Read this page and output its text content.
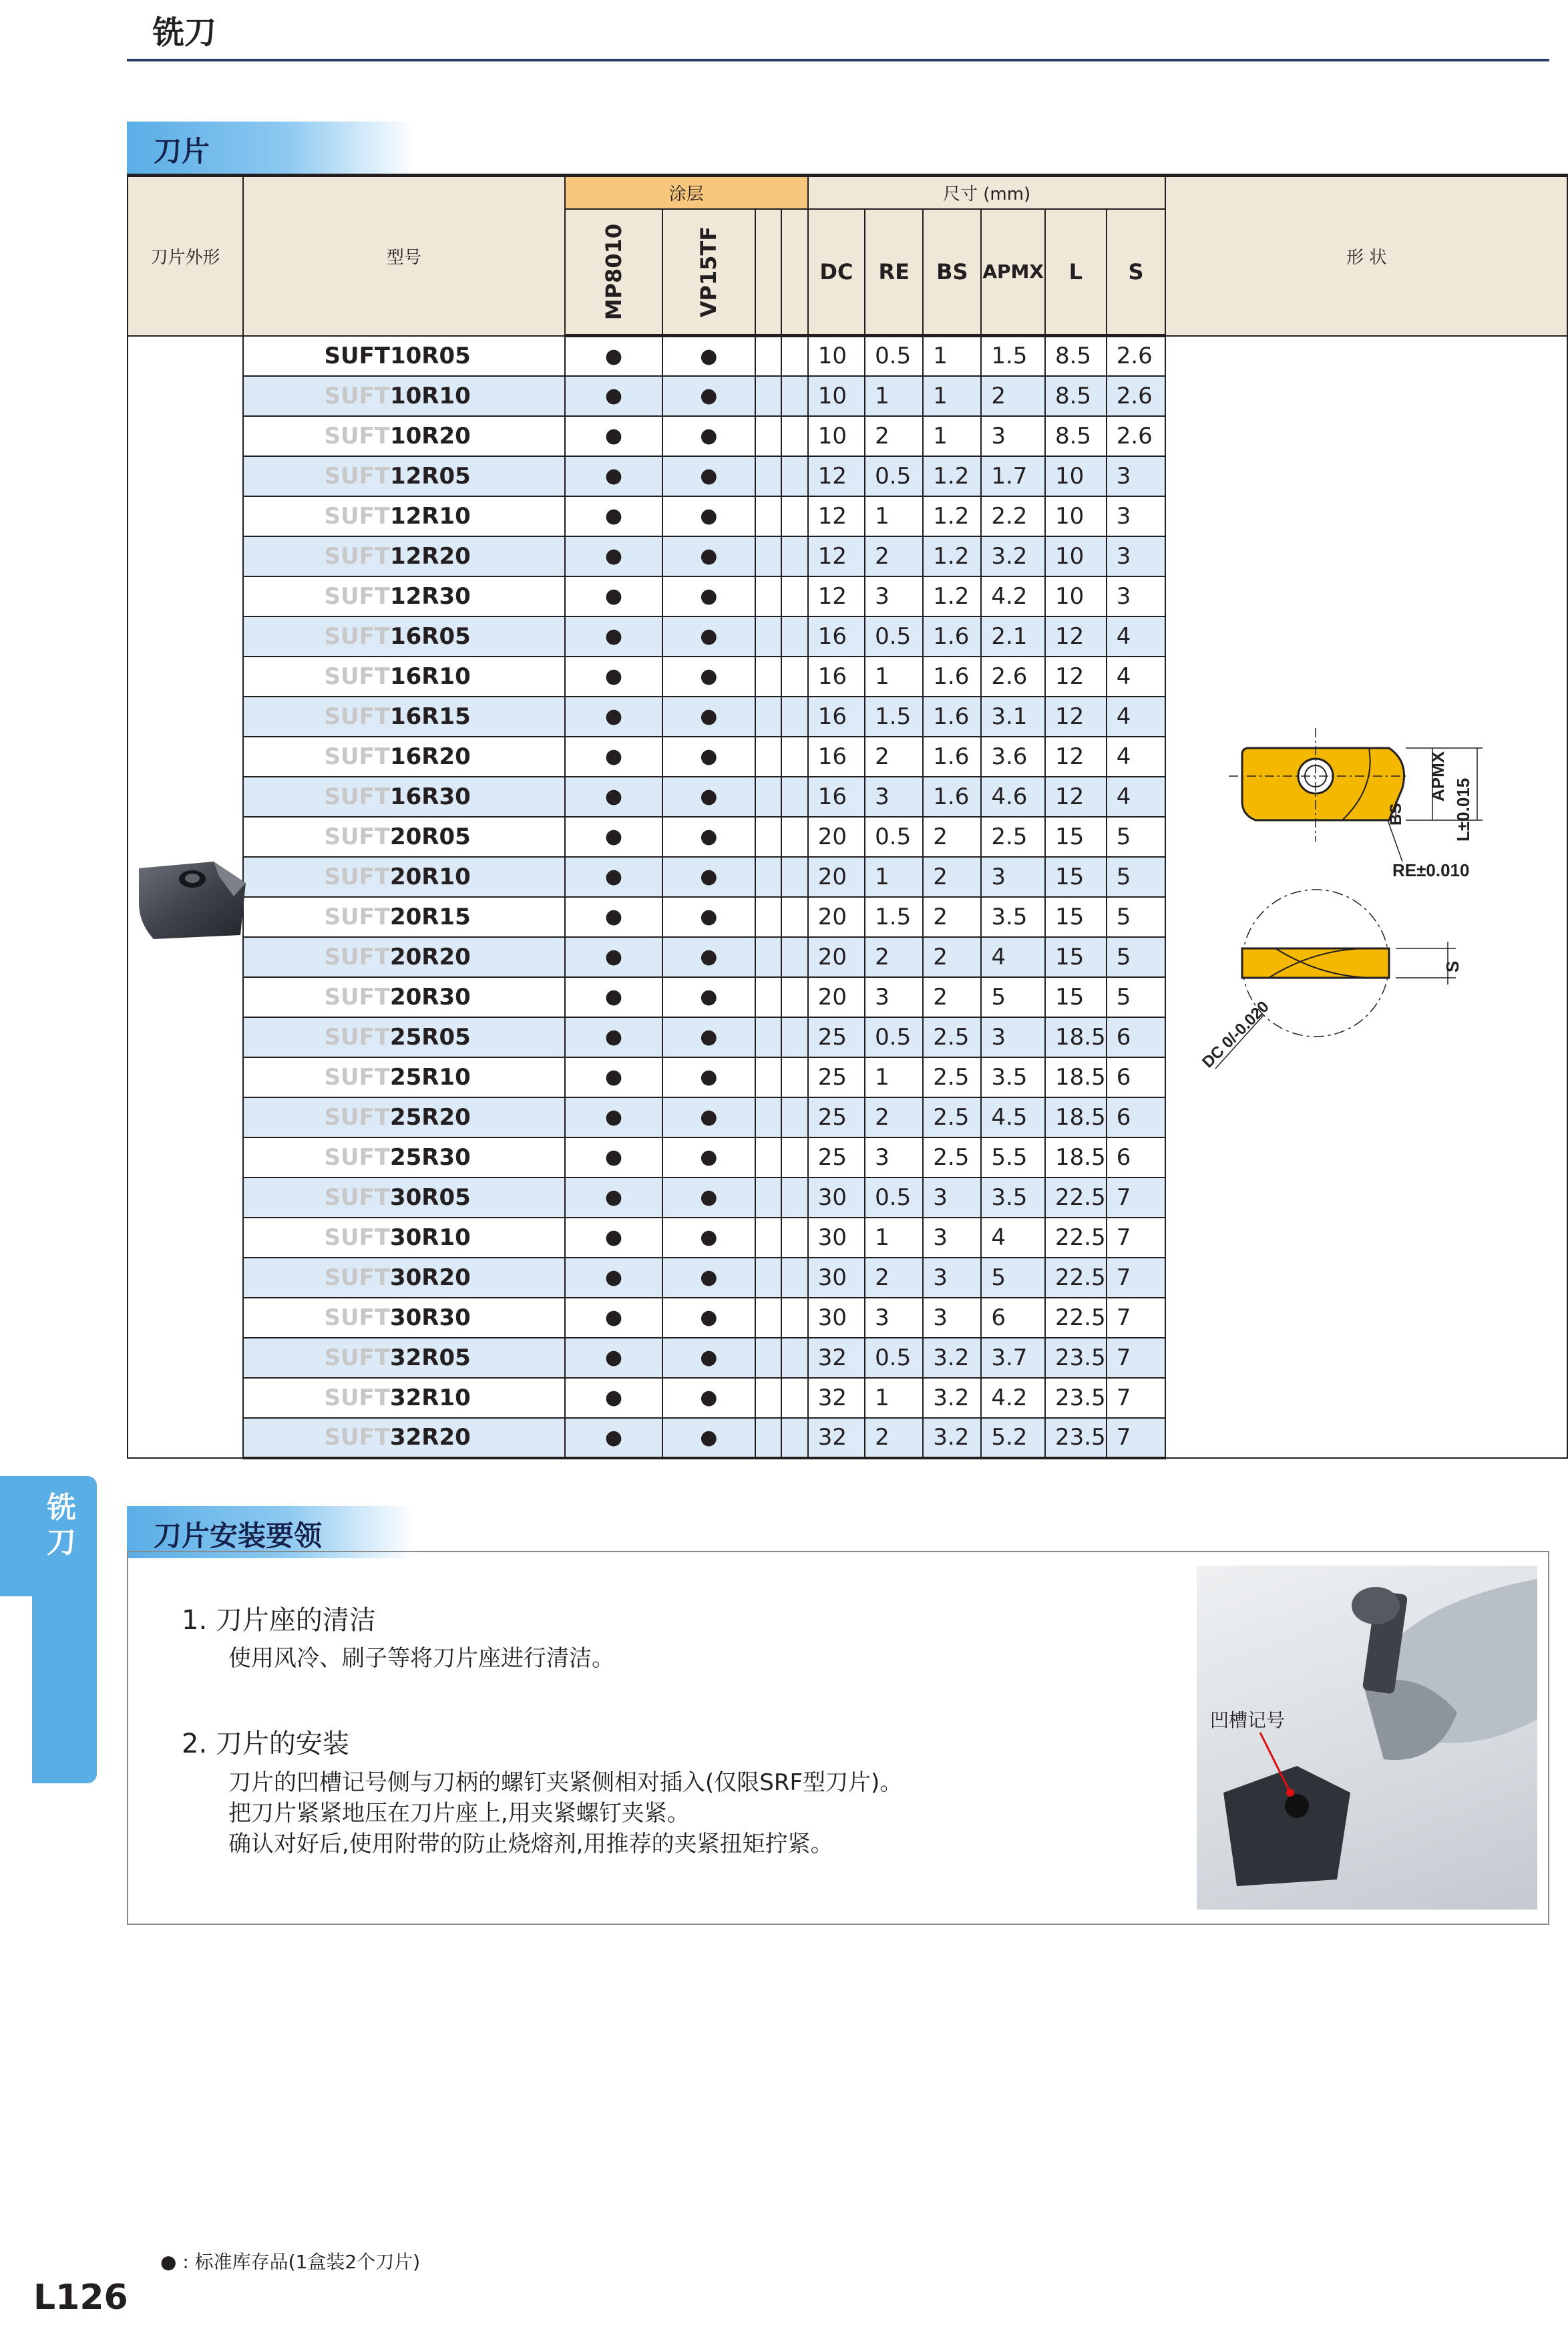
铣刀
刀片
刀片外形	型号	涂层				尺寸 (mm)						形 状
		MP8010	VP15TF			DC	RE	BS	APMX	L	S	
	SUFT10R05	●	●			10	0.5	1	1.5	8.5	2.6	
	SUFT10R10	●	●			10	1	1	2	8.5	2.6	
	SUFT10R20	●	●			10	2	1	3	8.5	2.6	
	SUFT12R05	●	●			12	0.5	1.2	1.7	10	3	
	SUFT12R10	●	●			12	1	1.2	2.2	10	3	
	SUFT12R20	●	●			12	2	1.2	3.2	10	3	
	SUFT12R30	●	●			12	3	1.2	4.2	10	3	
	SUFT16R05	●	●			16	0.5	1.6	2.1	12	4	
	SUFT16R10	●	●			16	1	1.6	2.6	12	4	
	SUFT16R15	●	●			16	1.5	1.6	3.1	12	4	
	SUFT16R20	●	●			16	2	1.6	3.6	12	4	
	SUFT16R30	●	●			16	3	1.6	4.6	12	4	
	SUFT20R05	●	●			20	0.5	2	2.5	15	5	
	SUFT20R10	●	●			20	1	2	3	15	5	
	SUFT20R15	●	●			20	1.5	2	3.5	15	5	
	SUFT20R20	●	●			20	2	2	4	15	5	
	SUFT20R30	●	●			20	3	2	5	15	5	
	SUFT25R05	●	●			25	0.5	2.5	3	18.5	6	
	SUFT25R10	●	●			25	1	2.5	3.5	18.5	6	
	SUFT25R20	●	●			25	2	2.5	4.5	18.5	6	
	SUFT25R30	●	●			25	3	2.5	5.5	18.5	6	
	SUFT30R05	●	●			30	0.5	3	3.5	22.5	7	
	SUFT30R10	●	●			30	1	3	4	22.5	7	
	SUFT30R20	●	●			30	2	3	5	22.5	7	
	SUFT30R30	●	●			30	3	3	6	22.5	7	
	SUFT32R05	●	●			32	0.5	3.2	3.7	23.5	7	
	SUFT32R10	●	●			32	1	3.2	4.2	23.5	7	
	SUFT32R20	●	●			32	2	3.2	5.2	23.5	7	
APMX
L±0.015
BS
RE±0.010
S
DC 0/-0.020
铣刀	刀片安装要领
1. 刀片座的清洁
使用风冷、刷子等将刀片座进行清洁。
2. 刀片的安装
刀片的凹槽记号侧与刀柄的螺钉夹紧侧相对插入(仅限SRF型刀片)。
把刀片紧紧地压在刀片座上,用夹紧螺钉夹紧。
确认对好后,使用附带的防止烧熔剂,用推荐的夹紧扭矩拧紧。
凹槽记号
● : 标准库存品(1盒装2个刀片)
L126
